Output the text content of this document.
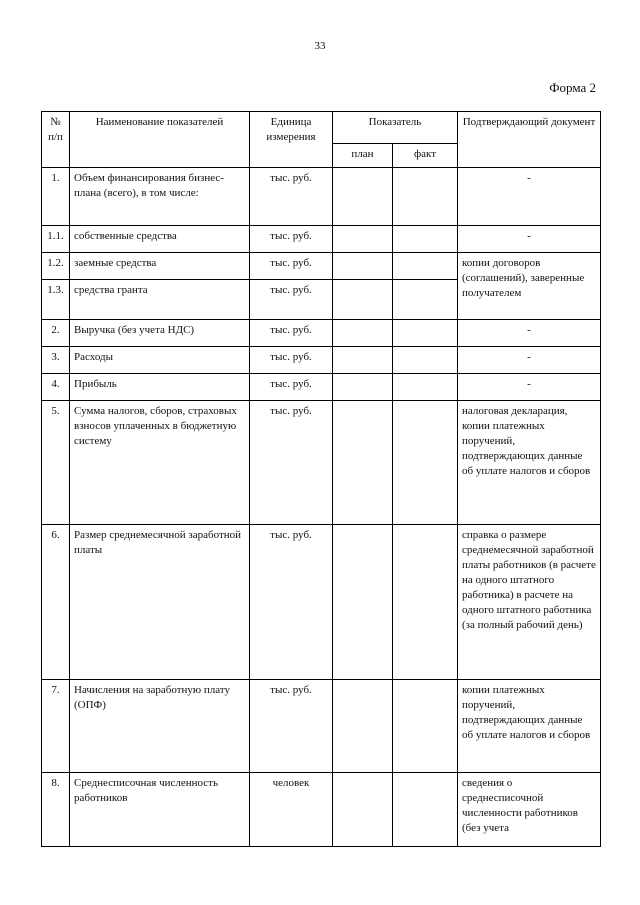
33
Форма 2
№ п/п	Наименование показателей	Единица измерения	Показатель		Подтверждающий документ
			план	факт	
1.	Объем финансирования бизнес-плана (всего), в том числе:	тыс. руб.			-
1.1.	собственные средства	тыс. руб.			-
1.2.	заемные средства	тыс. руб.			копии договоров (соглашений), заверенные получателем
1.3.	средства гранта	тыс. руб.			
2.	Выручка (без учета НДС)	тыс. руб.			-
3.	Расходы	тыс. руб.			-
4.	Прибыль	тыс. руб.			-
5.	Сумма налогов, сборов, страховых взносов уплаченных в бюджетную систему	тыс. руб.			налоговая декларация, копии платежных поручений, подтверждающих данные об уплате налогов и сборов
6.	Размер среднемесячной заработной платы	тыс. руб.			справка о размере среднемесячной заработной платы работников (в расчете на одного штатного работника) в расчете на одного штатного работника (за полный рабочий день)
7.	Начисления на заработную плату (ОПФ)	тыс. руб.			копии платежных поручений, подтверждающих данные об уплате налогов и сборов
8.	Среднесписочная численность работников	человек			сведения о среднесписочной численности работников (без учета
